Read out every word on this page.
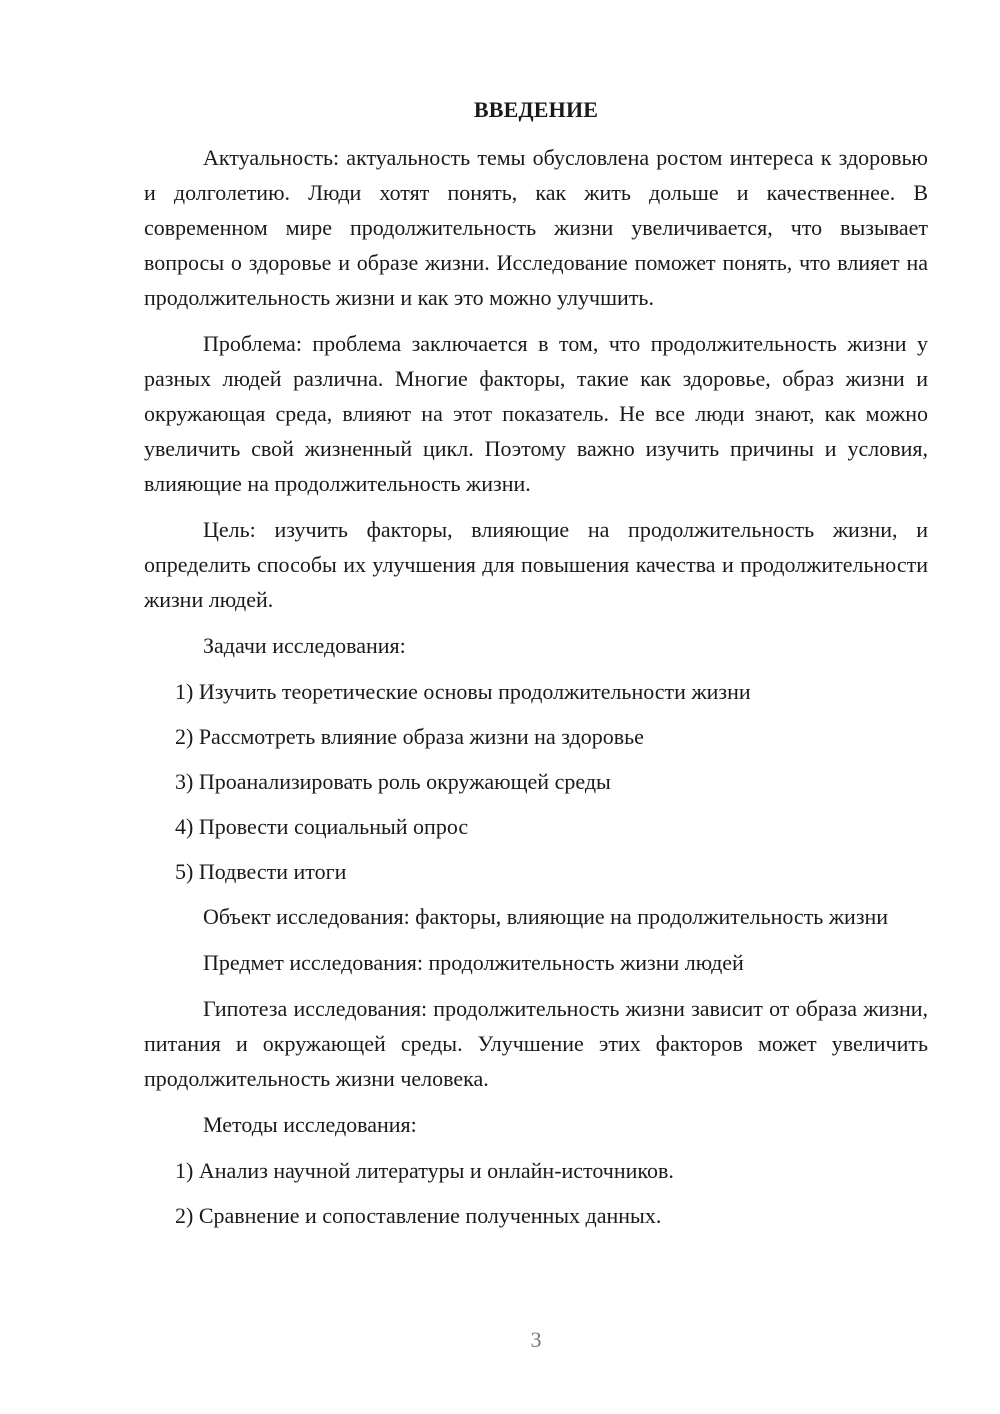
ВВЕДЕНИЕ

Актуальность: актуальность темы обусловлена ростом интереса к здоровью и долголетию. Люди хотят понять, как жить дольше и качественнее. В современном мире продолжительность жизни увеличивается, что вызывает вопросы о здоровье и образе жизни. Исследование поможет понять, что влияет на продолжительность жизни и как это можно улучшить.

Проблема: проблема заключается в том, что продолжительность жизни у разных людей различна. Многие факторы, такие как здоровье, образ жизни и окружающая среда, влияют на этот показатель. Не все люди знают, как можно увеличить свой жизненный цикл. Поэтому важно изучить причины и условия, влияющие на продолжительность жизни.

Цель: изучить факторы, влияющие на продолжительность жизни, и определить способы их улучшения для повышения качества и продолжительности жизни людей.

Задачи исследования:

1) Изучить теоретические основы продолжительности жизни

2) Рассмотреть влияние образа жизни на здоровье

3) Проанализировать роль окружающей среды

4) Провести социальный опрос

5) Подвести итоги

Объект исследования: факторы, влияющие на продолжительность жизни

Предмет исследования: продолжительность жизни людей

Гипотеза исследования: продолжительность жизни зависит от образа жизни, питания и окружающей среды. Улучшение этих факторов может увеличить продолжительность жизни человека.

Методы исследования:

1) Анализ научной литературы и онлайн-источников.

2) Сравнение и сопоставление полученных данных.

3
